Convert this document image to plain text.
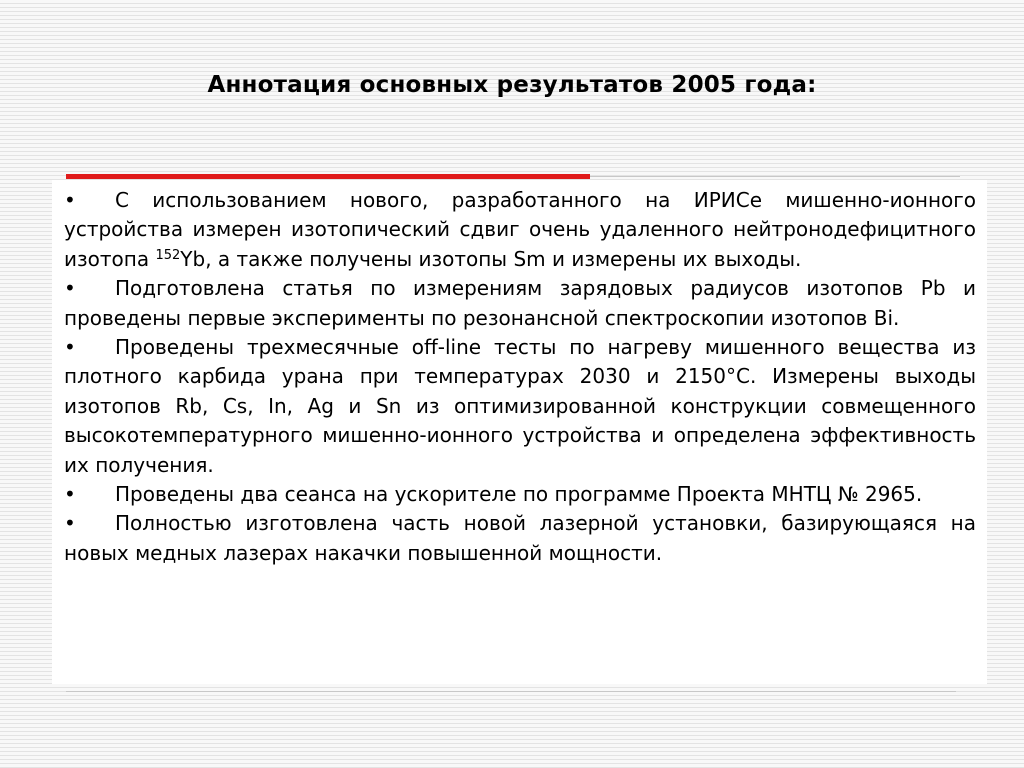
Аннотация основных результатов 2005 года:

• С использованием нового, разработанного на ИРИСе мишенно-ионного устройства измерен изотопический сдвиг очень удаленного нейтронодефицитного изотопа $^{152}$Yb, а также получены изотопы Sm и измерены их выходы.

• Подготовлена статья по измерениям зарядовых радиусов изотопов Pb и проведены первые эксперименты по резонансной спектроскопии изотопов Bi.

• Проведены трехмесячные off-line тесты по нагреву мишенного вещества из плотного карбида урана при температурах 2030 и 2150°С. Измерены выходы изотопов Rb, Cs, In, Ag и Sn из оптимизированной конструкции совмещенного высокотемпературного мишенно-ионного устройства и определена эффективность их получения.

• Проведены два сеанса на ускорителе по программе Проекта МНТЦ № 2965.

• Полностью изготовлена часть новой лазерной установки, базирующаяся на новых медных лазерах накачки повышенной мощности.
